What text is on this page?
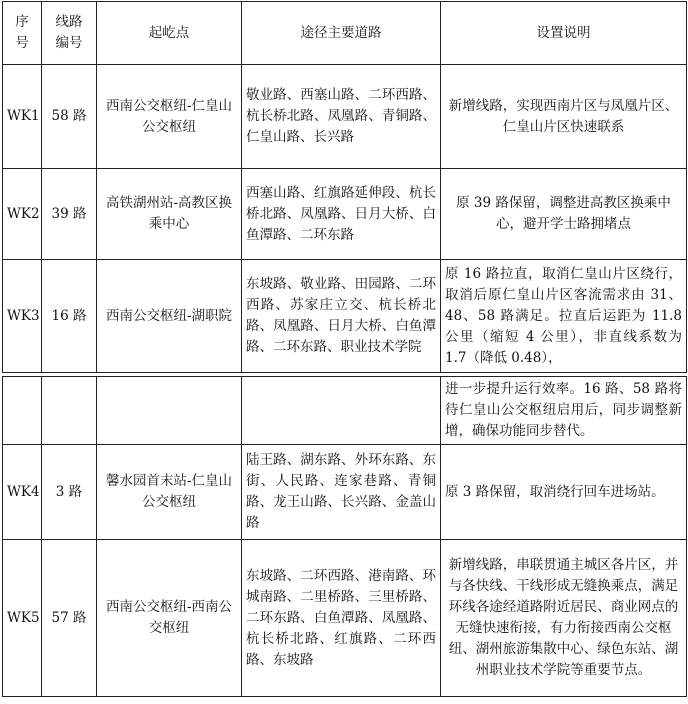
序号	线路编号	起屹点	途径主要道路	设置说明
WK1	58 路	西南公交枢纽-仁皇山公交枢纽	敬业路、西塞山路、二环西路、杭长桥北路、凤凰路、青铜路、仁皇山路、长兴路	新增线路，实现西南片区与凤凰片区、仁皇山片区快速联系
WK2	39 路	高铁湖州站-高教区换乘中心	西塞山路、红旗路延伸段、杭长桥北路、凤凰路、日月大桥、白鱼潭路、二环东路	原 39 路保留，调整进高教区换乘中心，避开学士路拥堵点
WK3	16 路	西南公交枢纽-湖职院	东坡路、敬业路、田园路、二环西路、苏家庄立交、杭长桥北路、凤凰路、日月大桥、白鱼潭路、二环东路、职业技术学院	原 16 路拉直，取消仁皇山片区绕行，取消后原仁皇山片区客流需求由 31、48、58 路满足。拉直后运距为 11.8 公里（缩短 4 公里），非直线系数为 1.7（降低 0.48），
				进一步提升运行效率。16 路、58 路将待仁皇山公交枢纽启用后，同步调整新增，确保功能同步替代。
WK4	3 路	馨水园首末站-仁皇山公交枢纽	陆王路、湖东路、外环东路、东街、人民路、连家巷路、青铜路、龙王山路、长兴路、金盖山路	原 3 路保留，取消绕行回车进场站。
WK5	57 路	西南公交枢纽-西南公交枢纽	东坡路、二环西路、港南路、环城南路、二里桥路、三里桥路、二环东路、白鱼潭路、凤凰路、杭长桥北路、红旗路、二环西路、东坡路	新增线路，串联贯通主城区各片区，并与各快线、干线形成无缝换乘点，满足环线各途经道路附近居民、商业网点的无缝快速衔接，有力衔接西南公交枢纽、湖州旅游集散中心、绿色东站、湖州职业技术学院等重要节点。
